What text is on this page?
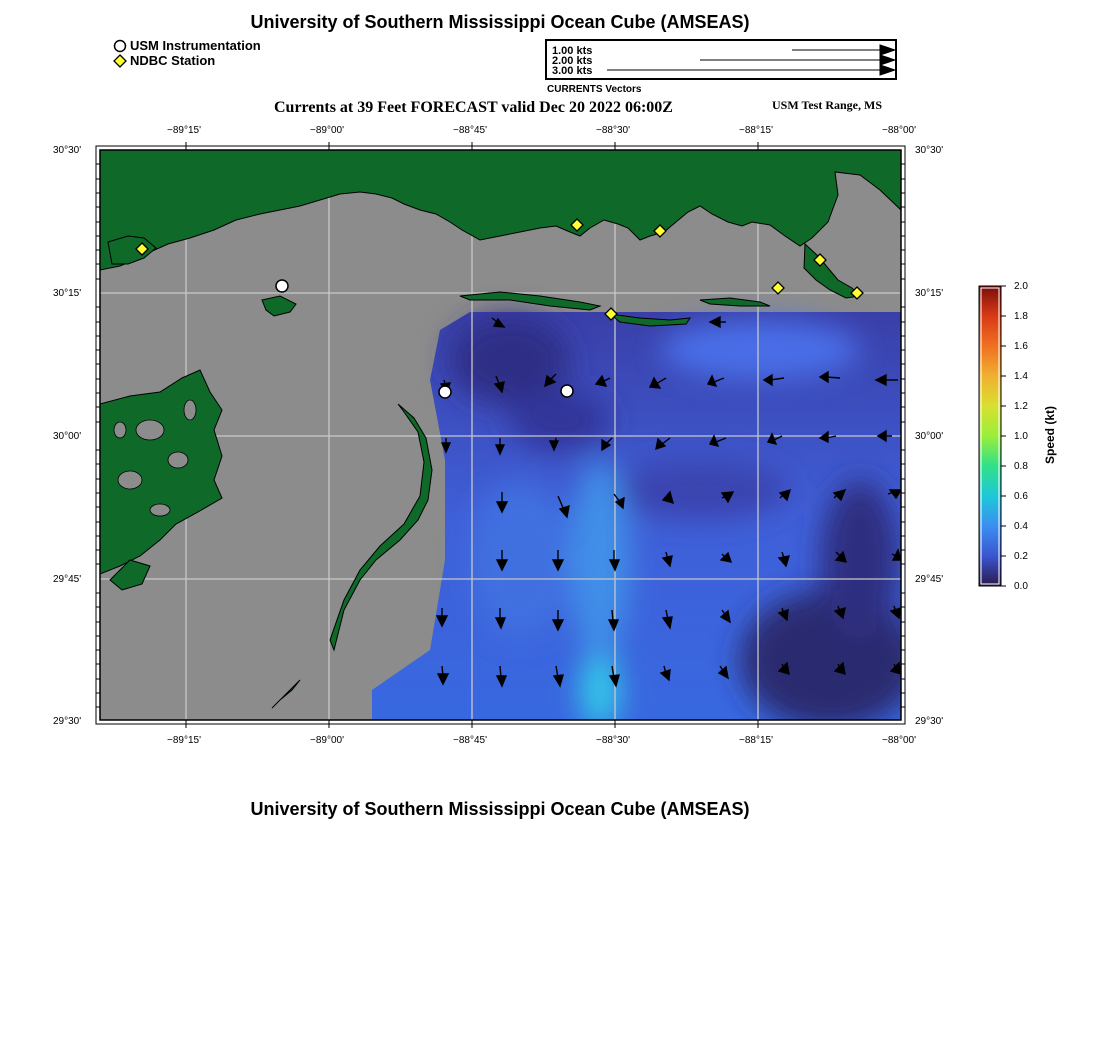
University of Southern Mississippi Ocean Cube (AMSEAS)
USM Instrumentation
NDBC Station
1.00 kts
2.00 kts
3.00 kts
CURRENTS Vectors
Currents at 39 Feet FORECAST valid Dec 20 2022 06:00Z	USM Test Range, MS
−89°15'	−89°00'	−88°45'	−88°30'	−88°15'	−88°00'
−89°15'	−89°00'	−88°45'	−88°30'	−88°15'	−88°00'
30°30'
30°15'
30°00'
29°45'
29°30'
30°30'
30°15'
30°00'
29°45'
29°30'
2.0
1.8
1.6
1.4
1.2
1.0
0.8
0.6
0.4
0.2
0.0
Speed (kt)
University of Southern Mississippi Ocean Cube (AMSEAS)
